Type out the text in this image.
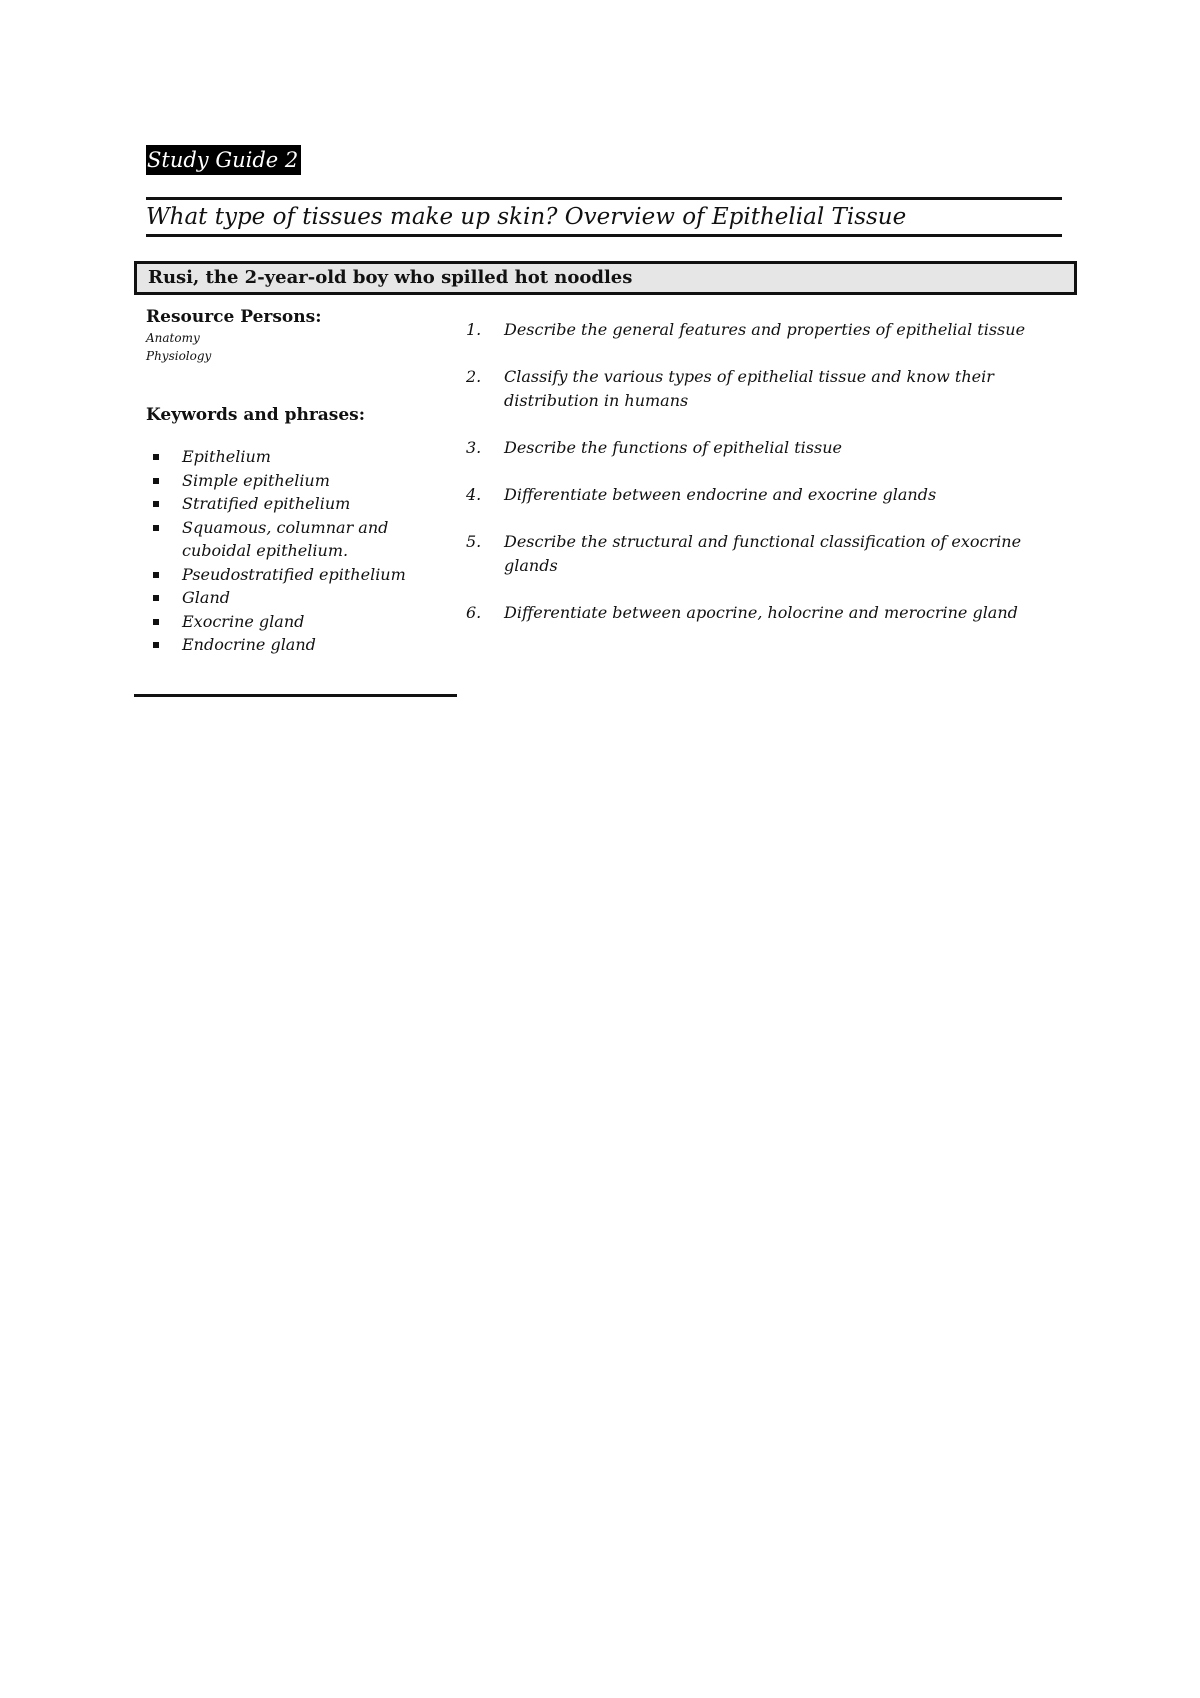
Study Guide 2
What type of tissues make up skin? Overview of Epithelial Tissue
Rusi, the 2-year-old boy who spilled hot noodles
Resource Persons:
Anatomy
Physiology
Keywords and phrases:
Epithelium
Simple epithelium
Stratified epithelium
Squamous, columnar and
cuboidal epithelium.
Pseudostratified epithelium
Gland
Exocrine gland
Endocrine gland
1. Describe the general features and properties of epithelial tissue
2. Classify the various types of epithelial tissue and know their distribution in humans
3. Describe the functions of epithelial tissue
4. Differentiate between endocrine and exocrine glands
5. Describe the structural and functional classification of exocrine glands
6. Differentiate between apocrine, holocrine and merocrine gland
